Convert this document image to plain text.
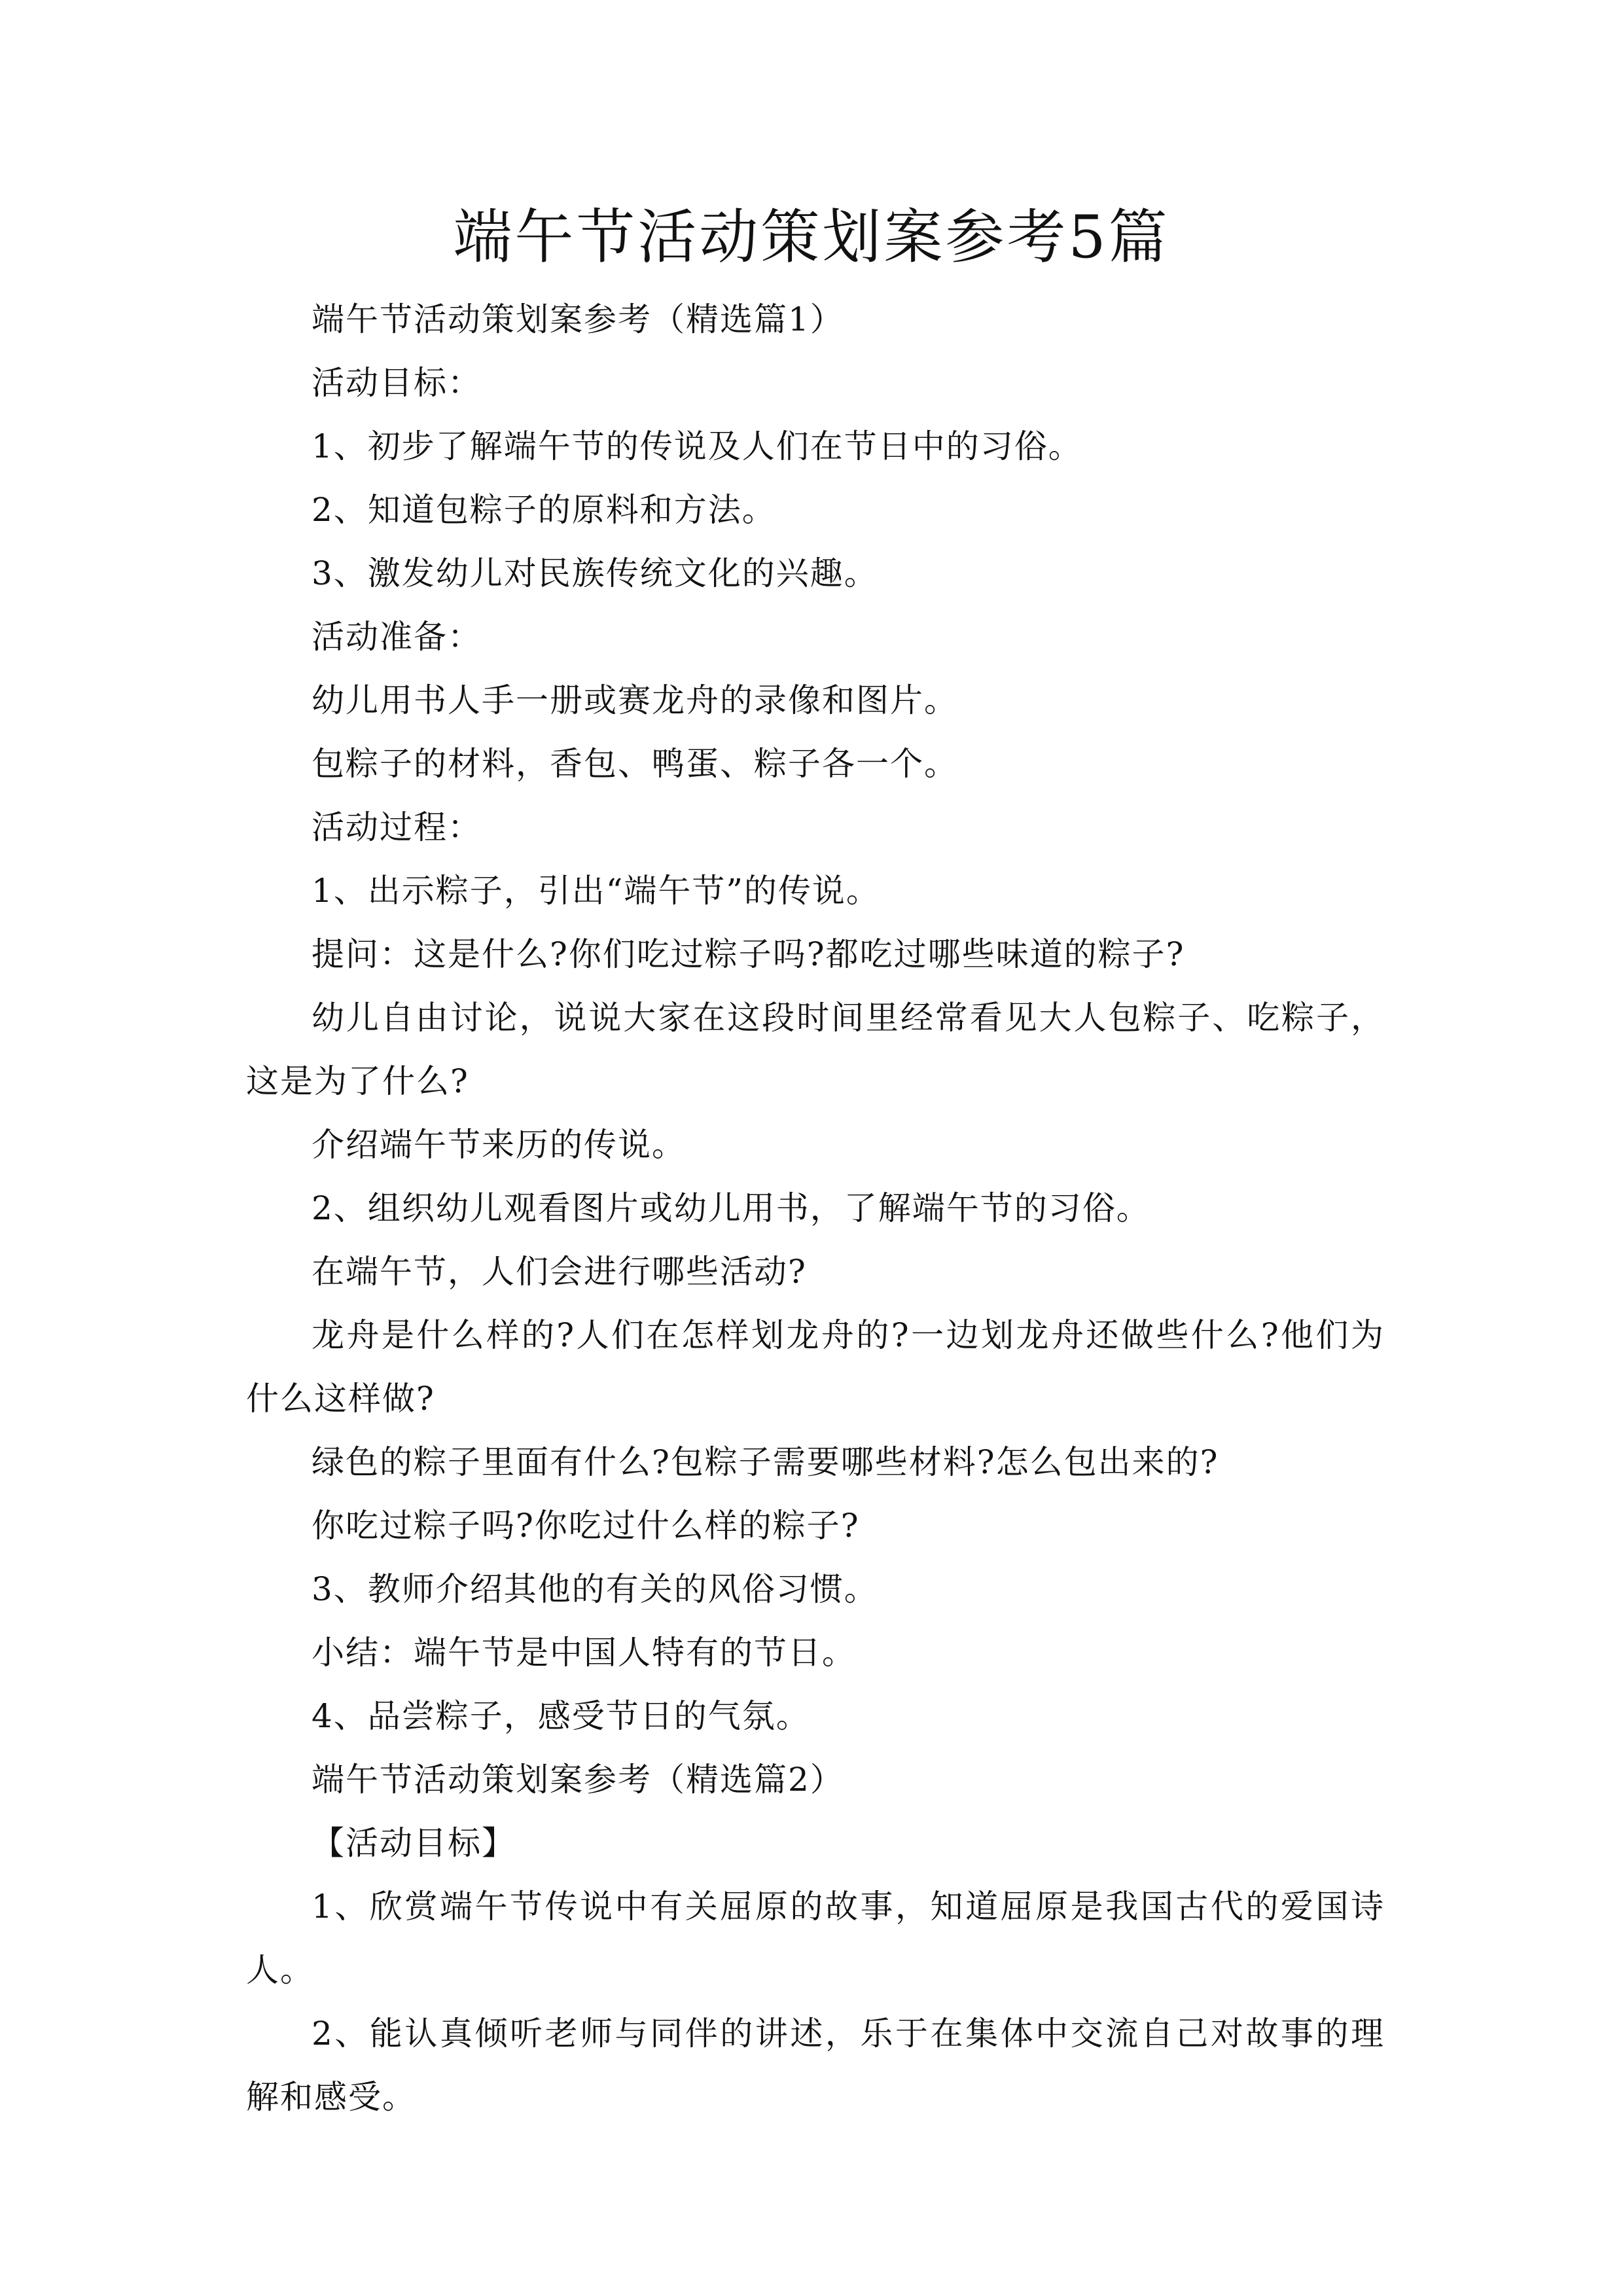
端午节活动策划案参考5篇

端午节活动策划案参考（精选篇1）

活动目标：

1、初步了解端午节的传说及人们在节日中的习俗。

2、知道包粽子的原料和方法。

3、激发幼儿对民族传统文化的兴趣。

活动准备：

幼儿用书人手一册或赛龙舟的录像和图片。

包粽子的材料，香包、鸭蛋、粽子各一个。

活动过程：

1、出示粽子，引出“端午节”的传说。

提问：这是什么?你们吃过粽子吗?都吃过哪些味道的粽子?

幼儿自由讨论，说说大家在这段时间里经常看见大人包粽子、吃粽子，这是为了什么?

介绍端午节来历的传说。

2、组织幼儿观看图片或幼儿用书，了解端午节的习俗。

在端午节，人们会进行哪些活动?

龙舟是什么样的?人们在怎样划龙舟的?一边划龙舟还做些什么?他们为什么这样做?

绿色的粽子里面有什么?包粽子需要哪些材料?怎么包出来的?

你吃过粽子吗?你吃过什么样的粽子?

3、教师介绍其他的有关的风俗习惯。

小结：端午节是中国人特有的节日。

4、品尝粽子，感受节日的气氛。

端午节活动策划案参考（精选篇2）

【活动目标】

1、欣赏端午节传说中有关屈原的故事，知道屈原是我国古代的爱国诗人。

2、能认真倾听老师与同伴的讲述，乐于在集体中交流自己对故事的理解和感受。
